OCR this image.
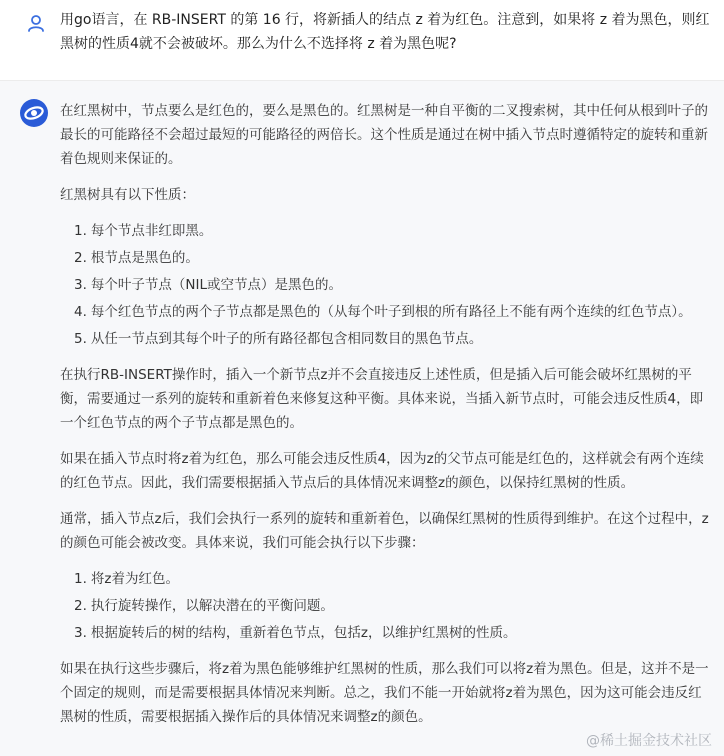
用go语言，在 RB-INSERT 的第 16 行，将新插人的结点 z 着为红色。注意到，如果将 z 着为黑色，则红黑树的性质4就不会被破坏。那么为什么不选择将 z 着为黑色呢?

在红黑树中，节点要么是红色的，要么是黑色的。红黑树是一种自平衡的二叉搜索树，其中任何从根到叶子的最长的可能路径不会超过最短的可能路径的两倍长。这个性质是通过在树中插入节点时遵循特定的旋转和重新着色规则来保证的。

红黑树具有以下性质：

1. 每个节点非红即黑。
2. 根节点是黑色的。
3. 每个叶子节点（NIL或空节点）是黑色的。
4. 每个红色节点的两个子节点都是黑色的（从每个叶子到根的所有路径上不能有两个连续的红色节点）。
5. 从任一节点到其每个叶子的所有路径都包含相同数目的黑色节点。

在执行RB-INSERT操作时，插入一个新节点z并不会直接违反上述性质，但是插入后可能会破坏红黑树的平衡，需要通过一系列的旋转和重新着色来修复这种平衡。具体来说，当插入新节点时，可能会违反性质4，即一个红色节点的两个子节点都是黑色的。

如果在插入节点时将z着为红色，那么可能会违反性质4，因为z的父节点可能是红色的，这样就会有两个连续的红色节点。因此，我们需要根据插入节点后的具体情况来调整z的颜色，以保持红黑树的性质。

通常，插入节点z后，我们会执行一系列的旋转和重新着色，以确保红黑树的性质得到维护。在这个过程中，z的颜色可能会被改变。具体来说，我们可能会执行以下步骤：

1. 将z着为红色。
2. 执行旋转操作，以解决潜在的平衡问题。
3. 根据旋转后的树的结构，重新着色节点，包括z，以维护红黑树的性质。

如果在执行这些步骤后，将z着为黑色能够维护红黑树的性质，那么我们可以将z着为黑色。但是，这并不是一个固定的规则，而是需要根据具体情况来判断。总之，我们不能一开始就将z着为黑色，因为这可能会违反红黑树的性质，需要根据插入操作后的具体情况来调整z的颜色。

@稀土掘金技术社区
